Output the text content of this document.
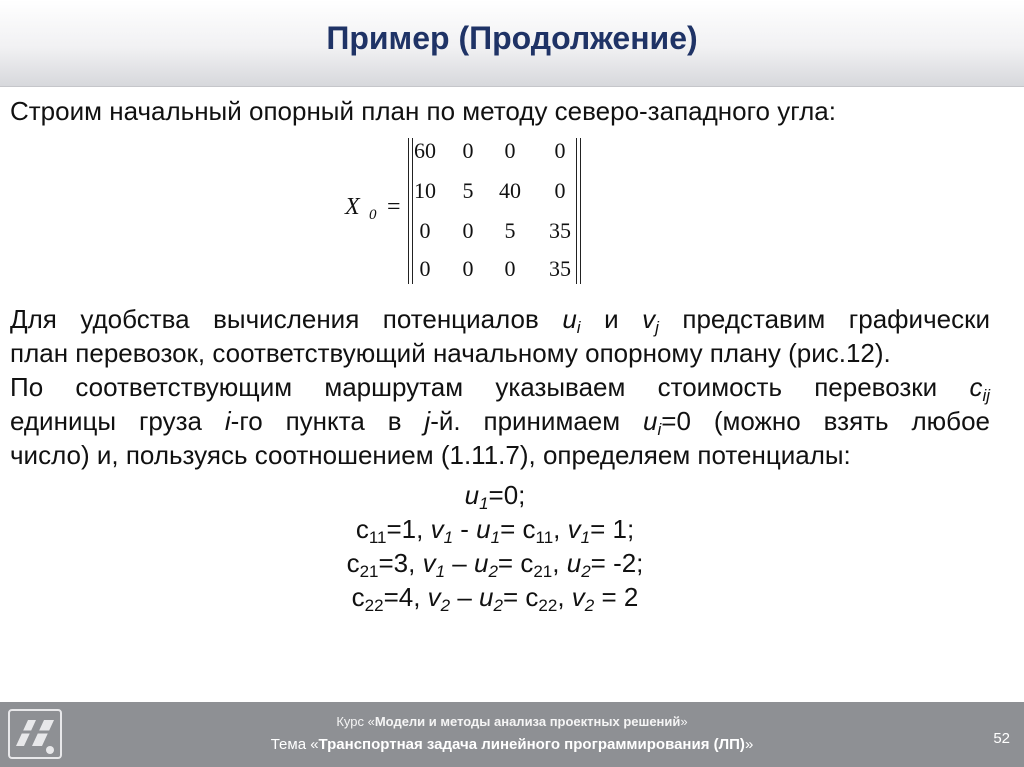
Пример (Продолжение)
Строим начальный опорный план по методу северо-западного угла:
X 0 =
60	0	0	0
10	5	40	0
0	0	5	35
0	0	0	35

Для удобства вычисления потенциалов $u_i$ и $v_j$ представим графически

план перевозок, соответствующий начальному опорному плану (рис.12).

По соответствующим маршрутам указываем стоимость перевозки $c_{ij}$

единицы груза i-го пункта в j-й. принимаем $u_i=0$ (можно взять любое

число) и, пользуясь соотношением (1.11.7), определяем потенциалы:

$u_1=0$;
$c_{11}=1$, $v_1 - u_1= c_{11}$, $v_1= 1$;
$c_{21}=3$, $v_1 - u_2= c_{21}$, $u_2= -2$;
$c_{22}=4$, $v_2 - u_2= c_{22}$, $v_2 = 2$
Курс «Модели и методы анализа проектных решений»
Тема «Транспортная задача линейного программирования (ЛП)»	52
